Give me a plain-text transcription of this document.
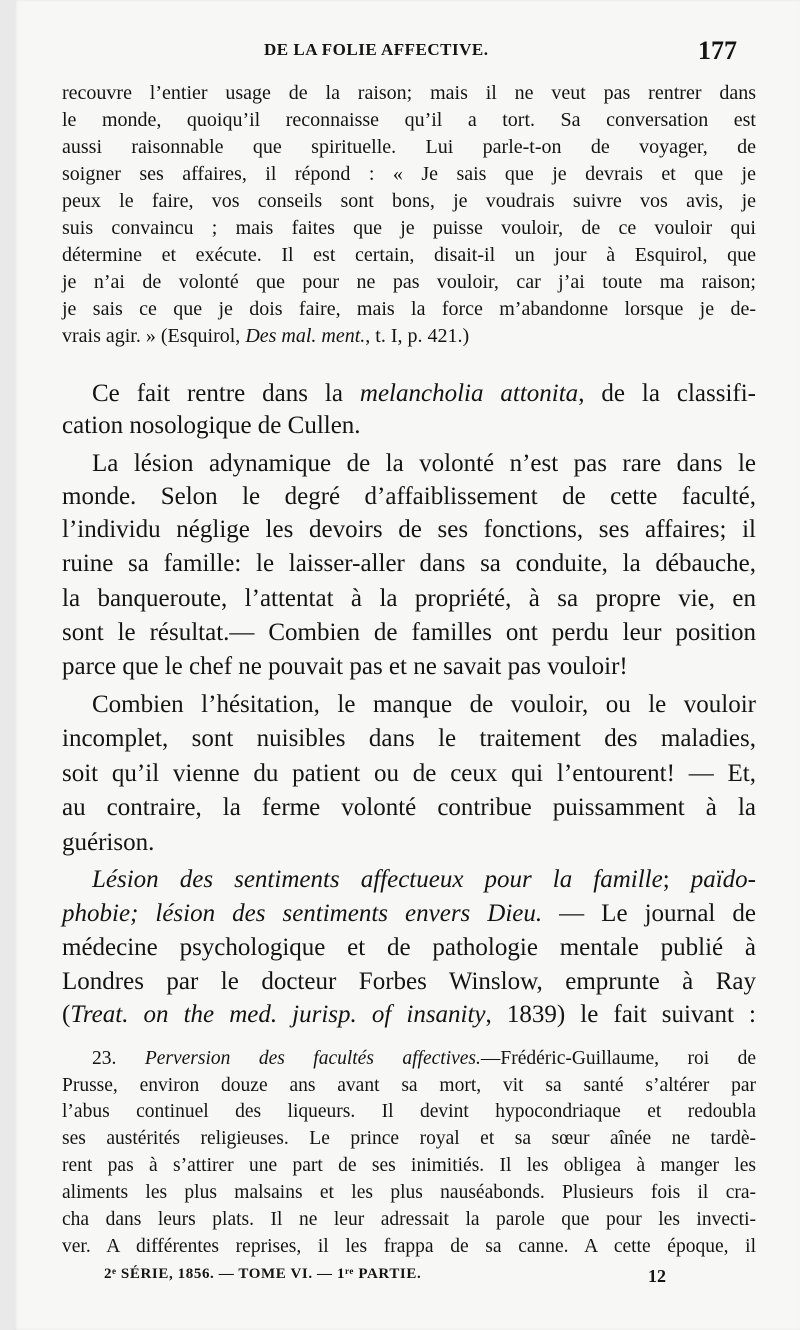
DE LA FOLIE AFFECTIVE.	177
recouvre l’entier usage de la raison; mais il ne veut pas rentrer dans
le monde, quoiqu’il reconnaisse qu’il a tort. Sa conversation est
aussi raisonnable que spirituelle. Lui parle-t-on de voyager, de
soigner ses affaires, il répond : « Je sais que je devrais et que je
peux le faire, vos conseils sont bons, je voudrais suivre vos avis, je
suis convaincu ; mais faites que je puisse vouloir, de ce vouloir qui
détermine et exécute. Il est certain, disait-il un jour à Esquirol, que
je n’ai de volonté que pour ne pas vouloir, car j’ai toute ma raison;
je sais ce que je dois faire, mais la force m’abandonne lorsque je de-
vrais agir. » (Esquirol, Des mal. ment., t. I, p. 421.)
Ce fait rentre dans la melancholia attonita, de la classifi-
cation nosologique de Cullen.
La lésion adynamique de la volonté n’est pas rare dans le
monde. Selon le degré d’affaiblissement de cette faculté,
l’individu néglige les devoirs de ses fonctions, ses affaires; il
ruine sa famille: le laisser-aller dans sa conduite, la débauche,
la banqueroute, l’attentat à la propriété, à sa propre vie, en
sont le résultat.— Combien de familles ont perdu leur position
parce que le chef ne pouvait pas et ne savait pas vouloir!
Combien l’hésitation, le manque de vouloir, ou le vouloir
incomplet, sont nuisibles dans le traitement des maladies,
soit qu’il vienne du patient ou de ceux qui l’entourent! — Et,
au contraire, la ferme volonté contribue puissamment à la
guérison.
Lésion des sentiments affectueux pour la famille; païdo-
phobie; lésion des sentiments envers Dieu. — Le journal de
médecine psychologique et de pathologie mentale publié à
Londres par le docteur Forbes Winslow, emprunte à Ray
(Treat. on the med. jurisp. of insanity, 1839) le fait suivant :
23. Perversion des facultés affectives.—Frédéric-Guillaume, roi de
Prusse, environ douze ans avant sa mort, vit sa santé s’altérer par
l’abus continuel des liqueurs. Il devint hypocondriaque et redoubla
ses austérités religieuses. Le prince royal et sa sœur aînée ne tardè-
rent pas à s’attirer une part de ses inimitiés. Il les obligea à manger les
aliments les plus malsains et les plus nauséabonds. Plusieurs fois il cra-
cha dans leurs plats. Il ne leur adressait la parole que pour les invecti-
ver. A différentes reprises, il les frappa de sa canne. A cette époque, il
2ᵉ SÉRIE, 1856. — TOME VI. — 1ʳᵉ PARTIE.	12
